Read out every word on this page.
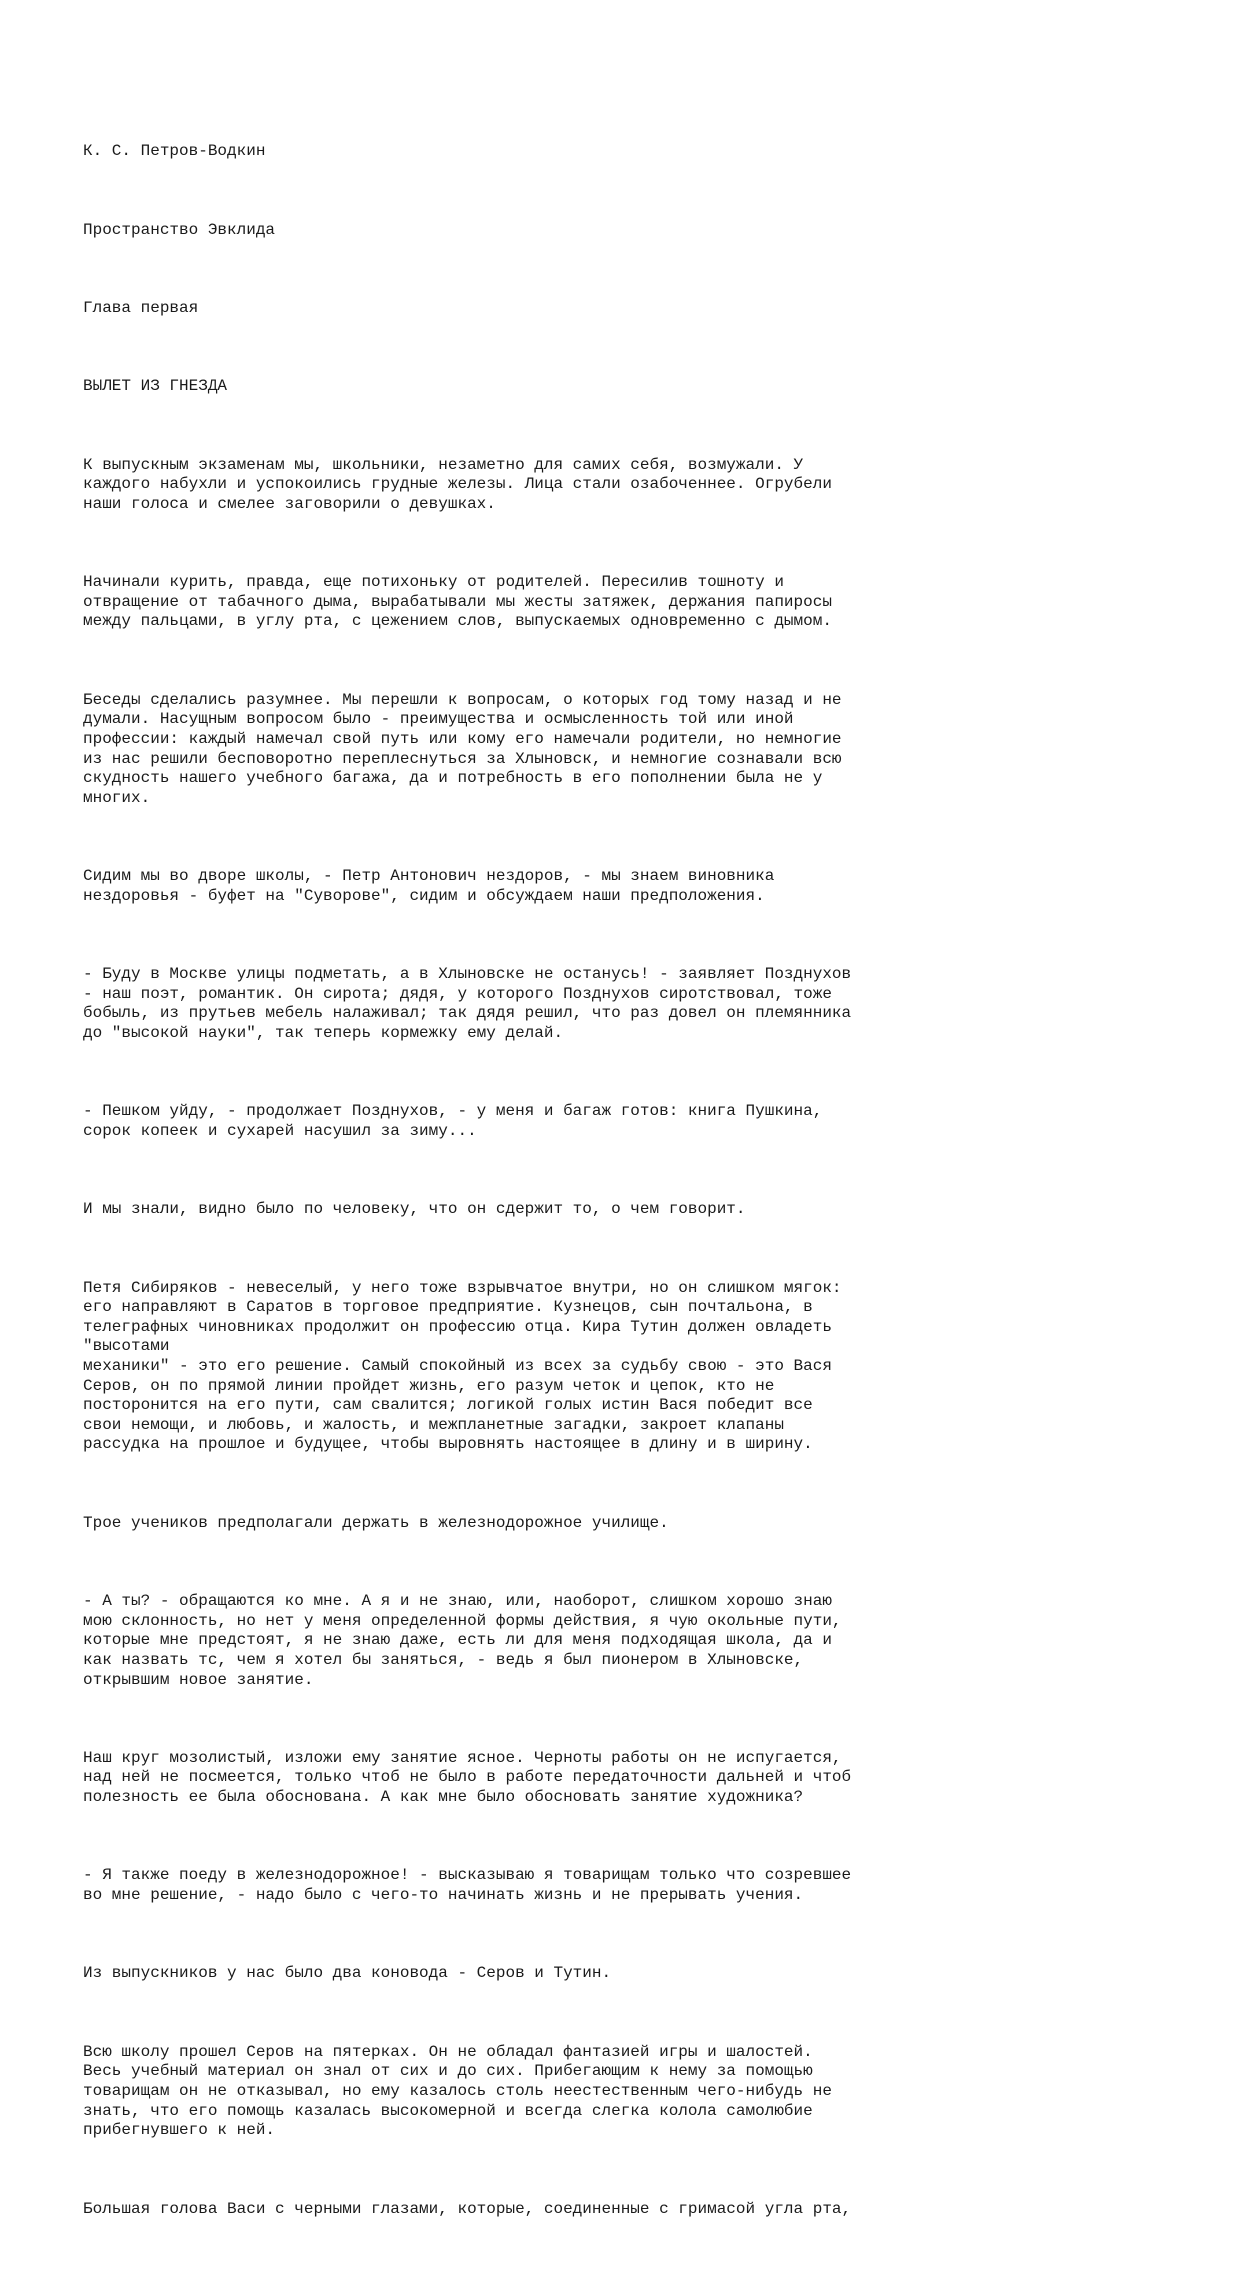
К. С. Петров-Водкин

Пространство Эвклида

Глава первая

ВЫЛЕТ ИЗ ГНЕЗДА

К выпускным экзаменам мы, школьники, незаметно для самих себя, возмужали. У
каждого набухли и успокоились грудные железы. Лица стали озабоченнее. Огрубели
наши голоса и смелее заговорили о девушках.

Начинали курить, правда, еще потихоньку от родителей. Пересилив тошноту и
отвращение от табачного дыма, вырабатывали мы жесты затяжек, держания папиросы
между пальцами, в углу рта, с цежением слов, выпускаемых одновременно с дымом.

Беседы сделались разумнее. Мы перешли к вопросам, о которых год тому назад и не
думали. Насущным вопросом было - преимущества и осмысленность той или иной
профессии: каждый намечал свой путь или кому его намечали родители, но немногие
из нас решили бесповоротно переплеснуться за Хлыновск, и немногие сознавали всю
скудность нашего учебного багажа, да и потребность в его пополнении была не у
многих.

Сидим мы во дворе школы, - Петр Антонович нездоров, - мы знаем виновника
нездоровья - буфет на "Суворове", сидим и обсуждаем наши предположения.

- Буду в Москве улицы подметать, а в Хлыновске не останусь! - заявляет Позднухов
- наш поэт, романтик. Он сирота; дядя, у которого Позднухов сиротствовал, тоже
бобыль, из прутьев мебель налаживал; так дядя решил, что раз довел он племянника
до "высокой науки", так теперь кормежку ему делай.

- Пешком уйду, - продолжает Позднухов, - у меня и багаж готов: книга Пушкина,
сорок копеек и сухарей насушил за зиму...

И мы знали, видно было по человеку, что он сдержит то, о чем говорит.

Петя Сибиряков - невеселый, у него тоже взрывчатое внутри, но он слишком мягок:
его направляют в Саратов в торговое предприятие. Кузнецов, сын почтальона, в
телеграфных чиновниках продолжит он профессию отца. Кира Тутин должен овладеть
"высотами
механики" - это его решение. Самый спокойный из всех за судьбу свою - это Вася
Серов, он по прямой линии пройдет жизнь, его разум четок и цепок, кто не
посторонится на его пути, сам свалится; логикой голых истин Вася победит все
свои немощи, и любовь, и жалость, и межпланетные загадки, закроет клапаны
рассудка на прошлое и будущее, чтобы выровнять настоящее в длину и в ширину.

Трое учеников предполагали держать в железнодорожное училище.

- А ты? - обращаются ко мне. А я и не знаю, или, наоборот, слишком хорошо знаю
мою склонность, но нет у меня определенной формы действия, я чую окольные пути,
которые мне предстоят, я не знаю даже, есть ли для меня подходящая школа, да и
как назвать тс, чем я хотел бы заняться, - ведь я был пионером в Хлыновске,
открывшим новое занятие.

Наш круг мозолистый, изложи ему занятие ясное. Черноты работы он не испугается,
над ней не посмеется, только чтоб не было в работе передаточности дальней и чтоб
полезность ее была обоснована. А как мне было обосновать занятие художника?

- Я также поеду в железнодорожное! - высказываю я товарищам только что созревшее
во мне решение, - надо было с чего-то начинать жизнь и не прерывать учения.

Из выпускников у нас было два коновода - Серов и Тутин.

Всю школу прошел Серов на пятерках. Он не обладал фантазией игры и шалостей.
Весь учебный материал он знал от сих и до сих. Прибегающим к нему за помощью
товарищам он не отказывал, но ему казалось столь неестественным чего-нибудь не
знать, что его помощь казалась высокомерной и всегда слегка колола самолюбие
прибегнувшего к ней.

Большая голова Васи с черными глазами, которые, соединенные с гримасой угла рта,
